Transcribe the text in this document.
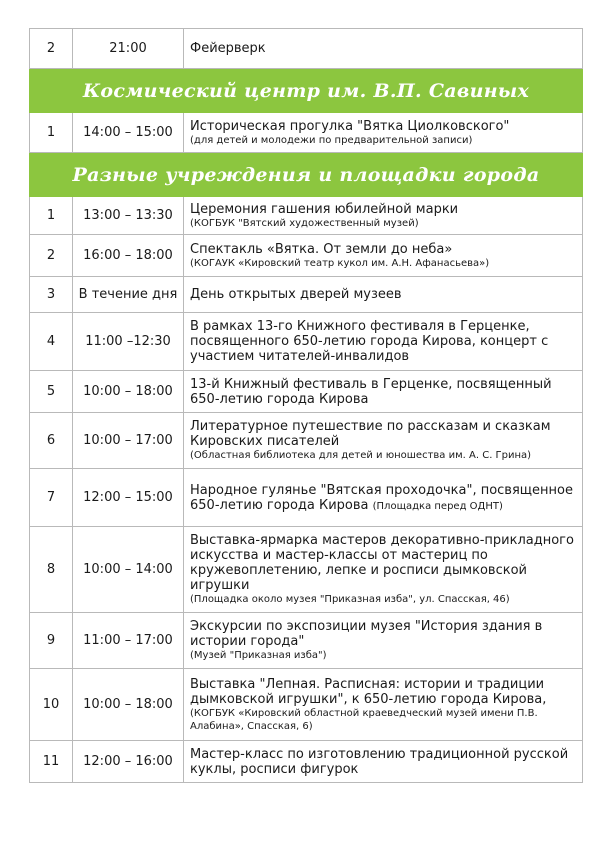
2	21:00	Фейерверк

Космический центр им. В.П. Савиных		
1	14:00 – 15:00	Историческая прогулка "Вятка Циолковского"
(для детей и молодежи по предварительной записи)

Разные учреждения и площадки города		
1	13:00 – 13:30	Церемония гашения юбилейной марки
(КОГБУК "Вятский художественный музей)

2	16:00 – 18:00	Спектакль «Вятка. От земли до неба»
(КОГАУК «Кировский театр кукол им. А.Н. Афанасьева»)

3	В течение дня	День открытых дверей музеев

4	11:00 –12:30	В рамках 13-го Книжного фестиваля в Герценке, посвященного 650-летию города Кирова, концерт с участием читателей-инвалидов

5	10:00 – 18:00	13-й Книжный фестиваль в Герценке, посвященный 650-летию города Кирова

6	10:00 – 17:00	Литературное путешествие по рассказам и сказкам Кировских писателей
(Областная библиотека для детей и юношества им. А. С. Грина)

7	12:00 – 15:00	Народное гулянье "Вятская проходочка", посвященное 650-летию города Кирова (Площадка перед ОДНТ)
8	10:00 – 14:00	Выставка-ярмарка мастеров декоративно-прикладного искусства и мастер-классы от мастериц по кружевоплетению, лепке и росписи дымковской игрушки
(Площадка около музея "Приказная изба", ул. Спасская, 46)

9	11:00 – 17:00	Экскурсии по экспозиции музея "История здания в истории города"
(Музей "Приказная изба")

10	10:00 – 18:00	Выставка "Лепная. Расписная: истории и традиции дымковской игрушки", к 650-летию города Кирова,
(КОГБУК «Кировский областной краеведческий музей имени П.В. Алабина», Спасская, 6)

11	12:00 – 16:00	Мастер-класс по изготовлению традиционной русской куклы, росписи фигурок
